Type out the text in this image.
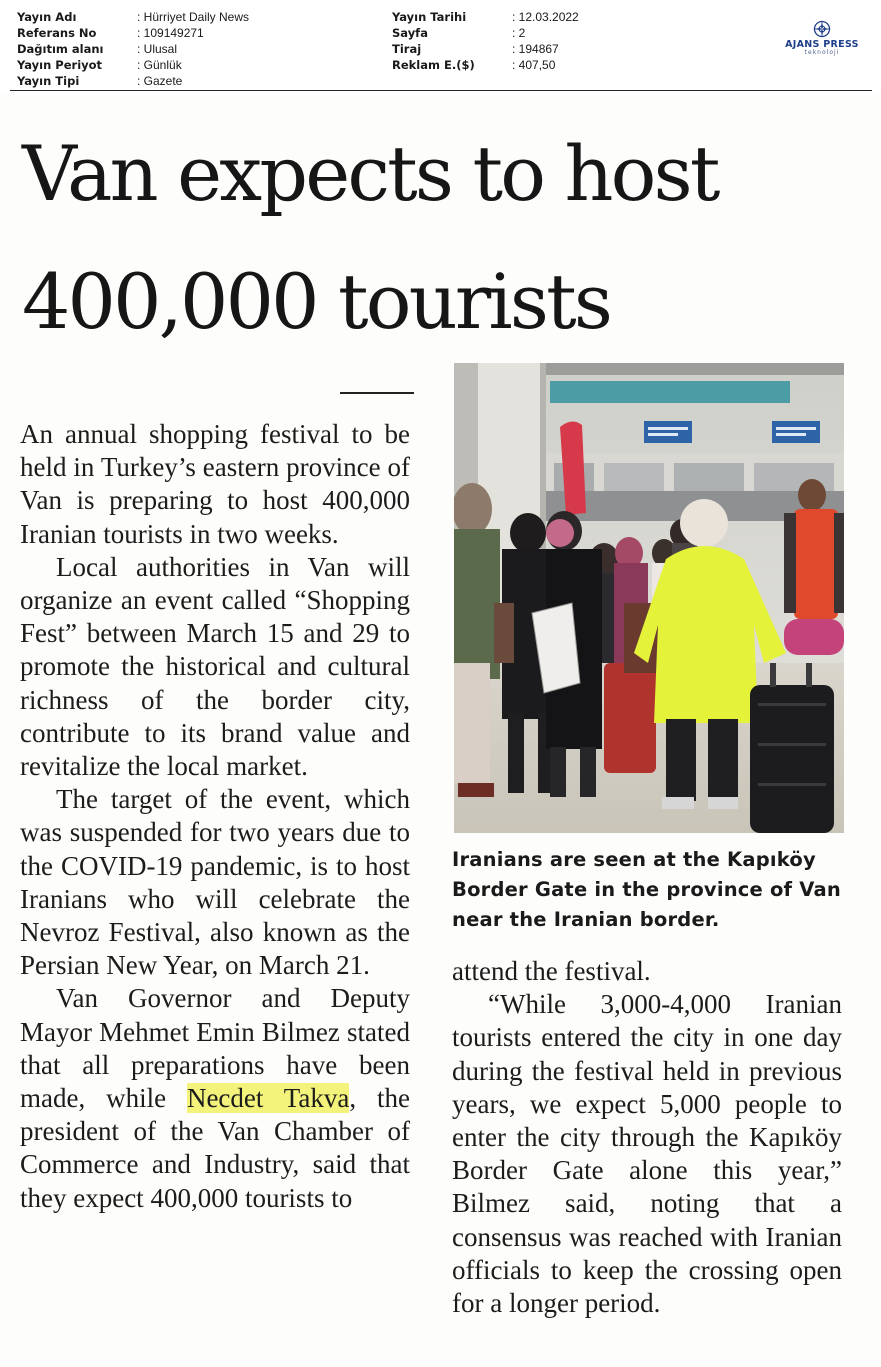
Yayın Adı	: Hürriyet Daily News
Referans No	: 109149271
Dağıtım alanı	: Ulusal
Yayın Periyot	: Günlük
Yayın Tipi	: Gazete
Yayın Tarihi	: 12.03.2022
Sayfa	: 2
Tiraj	: 194867
Reklam E.($)	: 407,50
AJANS PRESS
teknoloji
Van expects to host
400,000 tourists

An annual shopping festival to be held in Turkey’s eastern province of Van is preparing to host 400,000 Iranian tourists in two weeks.

Local authorities in Van will organize an event called “Shopping Fest” between March 15 and 29 to promote the historical and cultural richness of the border city, contribute to its brand value and revitalize the local market.

The target of the event, which was suspended for two years due to the COVID-19 pandemic, is to host Iranians who will celebrate the Nevroz Festival, also known as the Persian New Year, on March 21.

Van Governor and Deputy Mayor Mehmet Emin Bilmez stated that all preparations have been made, while Necdet Takva, the president of the Van Chamber of Commerce and Industry, said that they expect 400,000 tourists to

Iranians are seen at the Kapıköy Border Gate in the province of Van near the Iranian border.

attend the festival.

“While 3,000-4,000 Iranian tourists entered the city in one day during the festival held in previous years, we expect 5,000 people to enter the city through the Kapıköy Border Gate alone this year,” Bilmez said, noting that a consensus was reached with Iranian officials to keep the crossing open for a longer period.
